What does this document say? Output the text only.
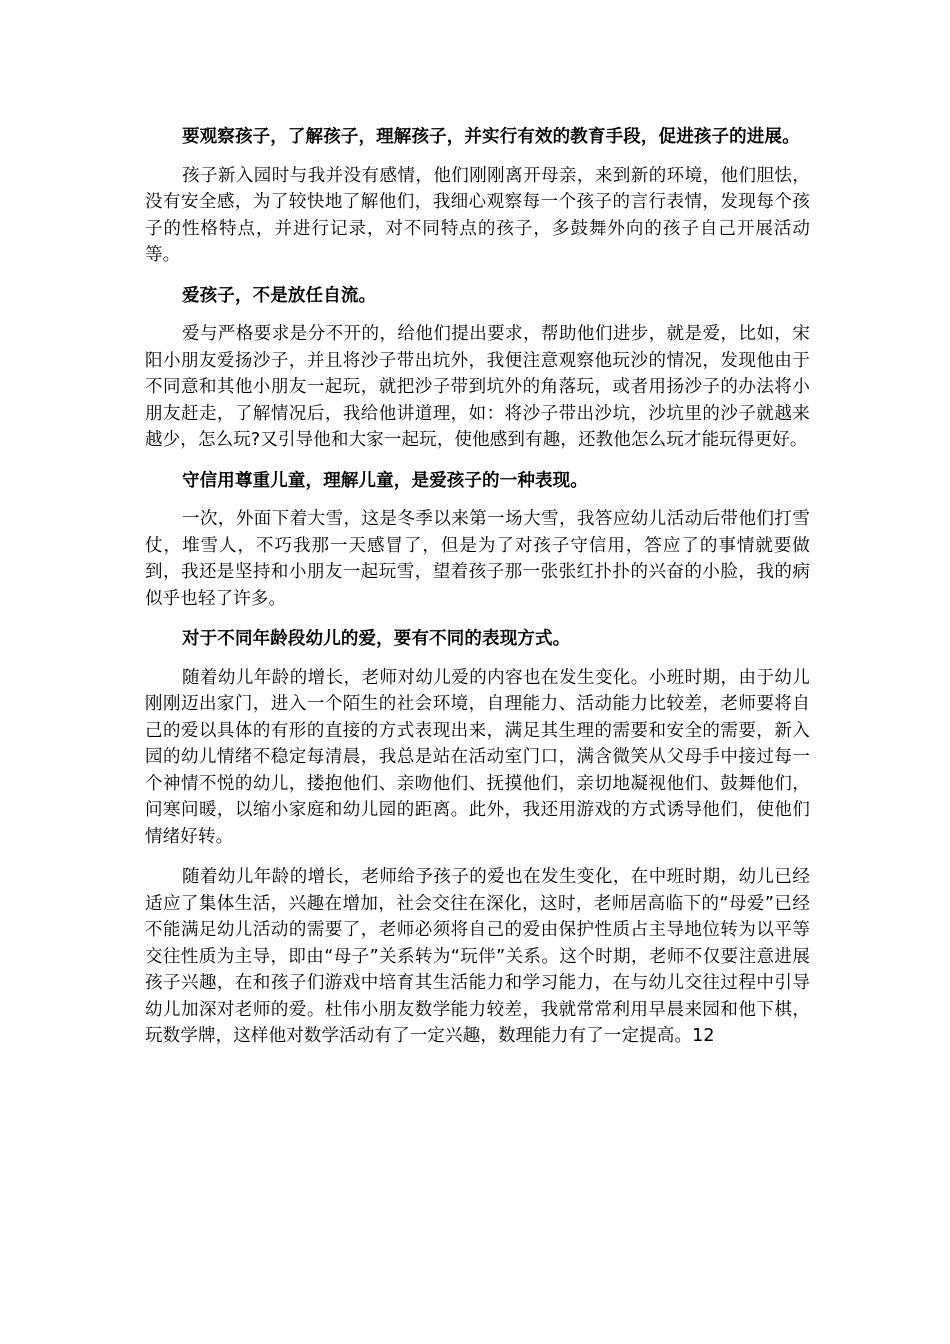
要观察孩子，了解孩子，理解孩子，并实行有效的教育手段，促进孩子的进展。

孩子新入园时与我并没有感情，他们刚刚离开母亲，来到新的环境，他们胆怯，没有安全感，为了较快地了解他们，我细心观察每一个孩子的言行表情，发现每个孩子的性格特点，并进行记录，对不同特点的孩子，多鼓舞外向的孩子自己开展活动等。

爱孩子，不是放任自流。

爱与严格要求是分不开的，给他们提出要求，帮助他们进步，就是爱，比如，宋阳小朋友爱扬沙子，并且将沙子带出坑外，我便注意观察他玩沙的情况，发现他由于不同意和其他小朋友一起玩，就把沙子带到坑外的角落玩，或者用扬沙子的办法将小朋友赶走，了解情况后，我给他讲道理，如：将沙子带出沙坑，沙坑里的沙子就越来越少，怎么玩?又引导他和大家一起玩，使他感到有趣，还教他怎么玩才能玩得更好。

守信用尊重儿童，理解儿童，是爱孩子的一种表现。

一次，外面下着大雪，这是冬季以来第一场大雪，我答应幼儿活动后带他们打雪仗，堆雪人，不巧我那一天感冒了，但是为了对孩子守信用，答应了的事情就要做到，我还是坚持和小朋友一起玩雪，望着孩子那一张张红扑扑的兴奋的小脸，我的病似乎也轻了许多。

对于不同年龄段幼儿的爱，要有不同的表现方式。

随着幼儿年龄的增长，老师对幼儿爱的内容也在发生变化。小班时期，由于幼儿刚刚迈出家门，进入一个陌生的社会环境，自理能力、活动能力比较差，老师要将自己的爱以具体的有形的直接的方式表现出来，满足其生理的需要和安全的需要，新入园的幼儿情绪不稳定每清晨，我总是站在活动室门口，满含微笑从父母手中接过每一个神情不悦的幼儿，搂抱他们、亲吻他们、抚摸他们，亲切地凝视他们、鼓舞他们，问寒问暖，以缩小家庭和幼儿园的距离。此外，我还用游戏的方式诱导他们，使他们情绪好转。

随着幼儿年龄的增长，老师给予孩子的爱也在发生变化，在中班时期，幼儿已经适应了集体生活，兴趣在增加，社会交往在深化，这时，老师居高临下的“母爱”已经不能满足幼儿活动的需要了，老师必须将自己的爱由保护性质占主导地位转为以平等交往性质为主导，即由“母子”关系转为“玩伴”关系。这个时期，老师不仅要注意进展孩子兴趣，在和孩子们游戏中培育其生活能力和学习能力，在与幼儿交往过程中引导幼儿加深对老师的爱。杜伟小朋友数学能力较差，我就常常利用早晨来园和他下棋，玩数学牌，这样他对数学活动有了一定兴趣，数理能力有了一定提高。12
